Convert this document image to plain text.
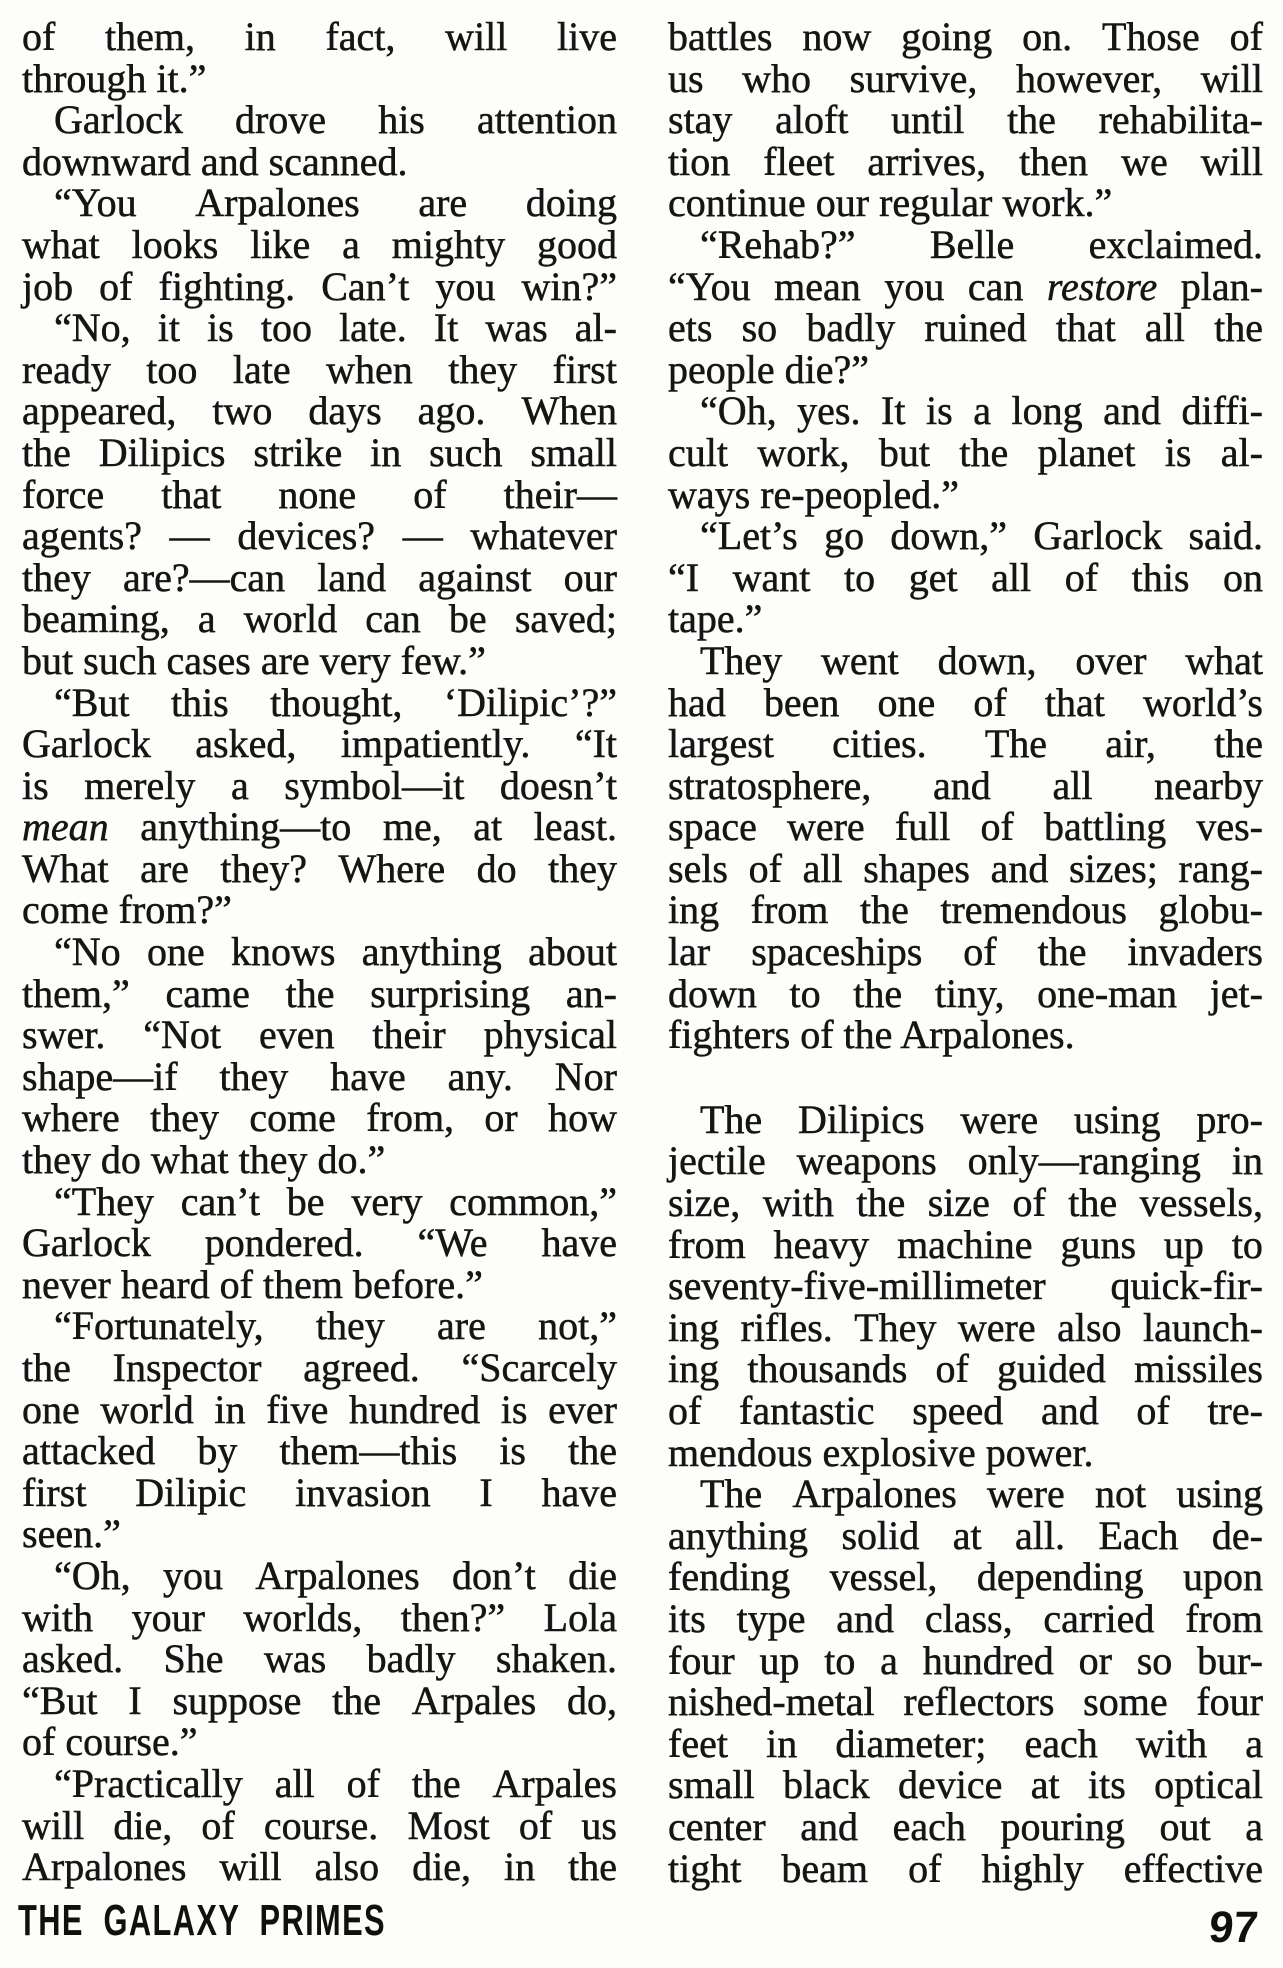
of them, in fact, will live
through it.”
Garlock drove his attention
downward and scanned.
“You Arpalones are doing
what looks like a mighty good
job of fighting. Can’t you win?”
“No, it is too late. It was al-
ready too late when they first
appeared, two days ago. When
the Dilipics strike in such small
force that none of their—
agents? — devices? — whatever
they are?—can land against our
beaming, a world can be saved;
but such cases are very few.”
“But this thought, ‘Dilipic’?”
Garlock asked, impatiently. “It
is merely a symbol—it doesn’t
mean anything—to me, at least.
What are they? Where do they
come from?”
“No one knows anything about
them,” came the surprising an-
swer. “Not even their physical
shape—if they have any. Nor
where they come from, or how
they do what they do.”
“They can’t be very common,”
Garlock pondered. “We have
never heard of them before.”
“Fortunately, they are not,”
the Inspector agreed. “Scarcely
one world in five hundred is ever
attacked by them—this is the
first Dilipic invasion I have
seen.”
“Oh, you Arpalones don’t die
with your worlds, then?” Lola
asked. She was badly shaken.
“But I suppose the Arpales do,
of course.”
“Practically all of the Arpales
will die, of course. Most of us
Arpalones will also die, in the
battles now going on. Those of
us who survive, however, will
stay aloft until the rehabilita-
tion fleet arrives, then we will
continue our regular work.”
“Rehab?” Belle exclaimed.
“You mean you can restore plan-
ets so badly ruined that all the
people die?”
“Oh, yes. It is a long and diffi-
cult work, but the planet is al-
ways re-peopled.”
“Let’s go down,” Garlock said.
“I want to get all of this on
tape.”
They went down, over what
had been one of that world’s
largest cities. The air, the
stratosphere, and all nearby
space were full of battling ves-
sels of all shapes and sizes; rang-
ing from the tremendous globu-
lar spaceships of the invaders
down to the tiny, one-man jet-
fighters of the Arpalones.
The Dilipics were using pro-
jectile weapons only—ranging in
size, with the size of the vessels,
from heavy machine guns up to
seventy-five-millimeter quick-fir-
ing rifles. They were also launch-
ing thousands of guided missiles
of fantastic speed and of tre-
mendous explosive power.
The Arpalones were not using
anything solid at all. Each de-
fending vessel, depending upon
its type and class, carried from
four up to a hundred or so bur-
nished-metal reflectors some four
feet in diameter; each with a
small black device at its optical
center and each pouring out a
tight beam of highly effective
THE GALAXY PRIMES	97
